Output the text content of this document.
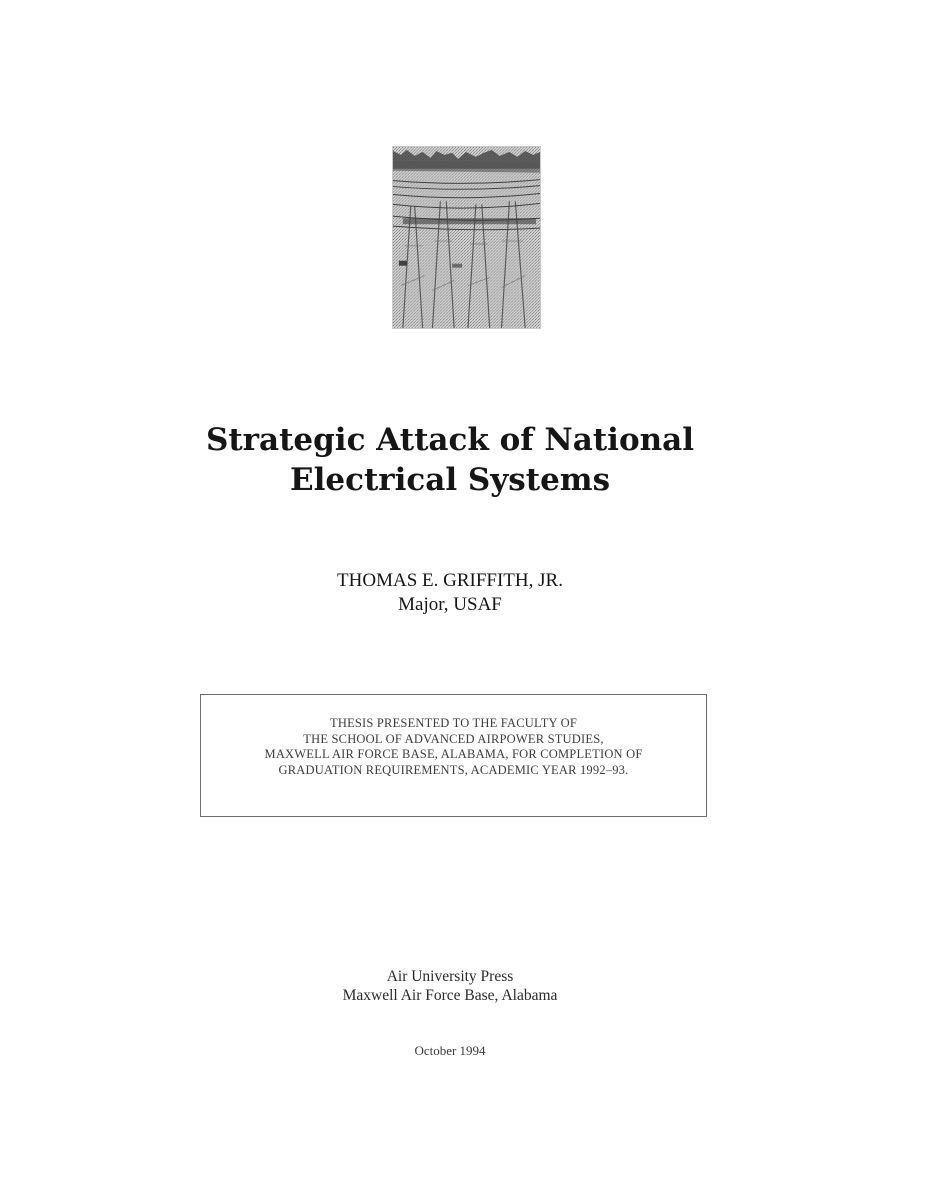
Strategic Attack of National
Electrical Systems
THOMAS E. GRIFFITH, JR.
Major, USAF
THESIS PRESENTED TO THE FACULTY OF
THE SCHOOL OF ADVANCED AIRPOWER STUDIES,
MAXWELL AIR FORCE BASE, ALABAMA, FOR COMPLETION OF
GRADUATION REQUIREMENTS, ACADEMIC YEAR 1992–93.
Air University Press
Maxwell Air Force Base, Alabama
October 1994
